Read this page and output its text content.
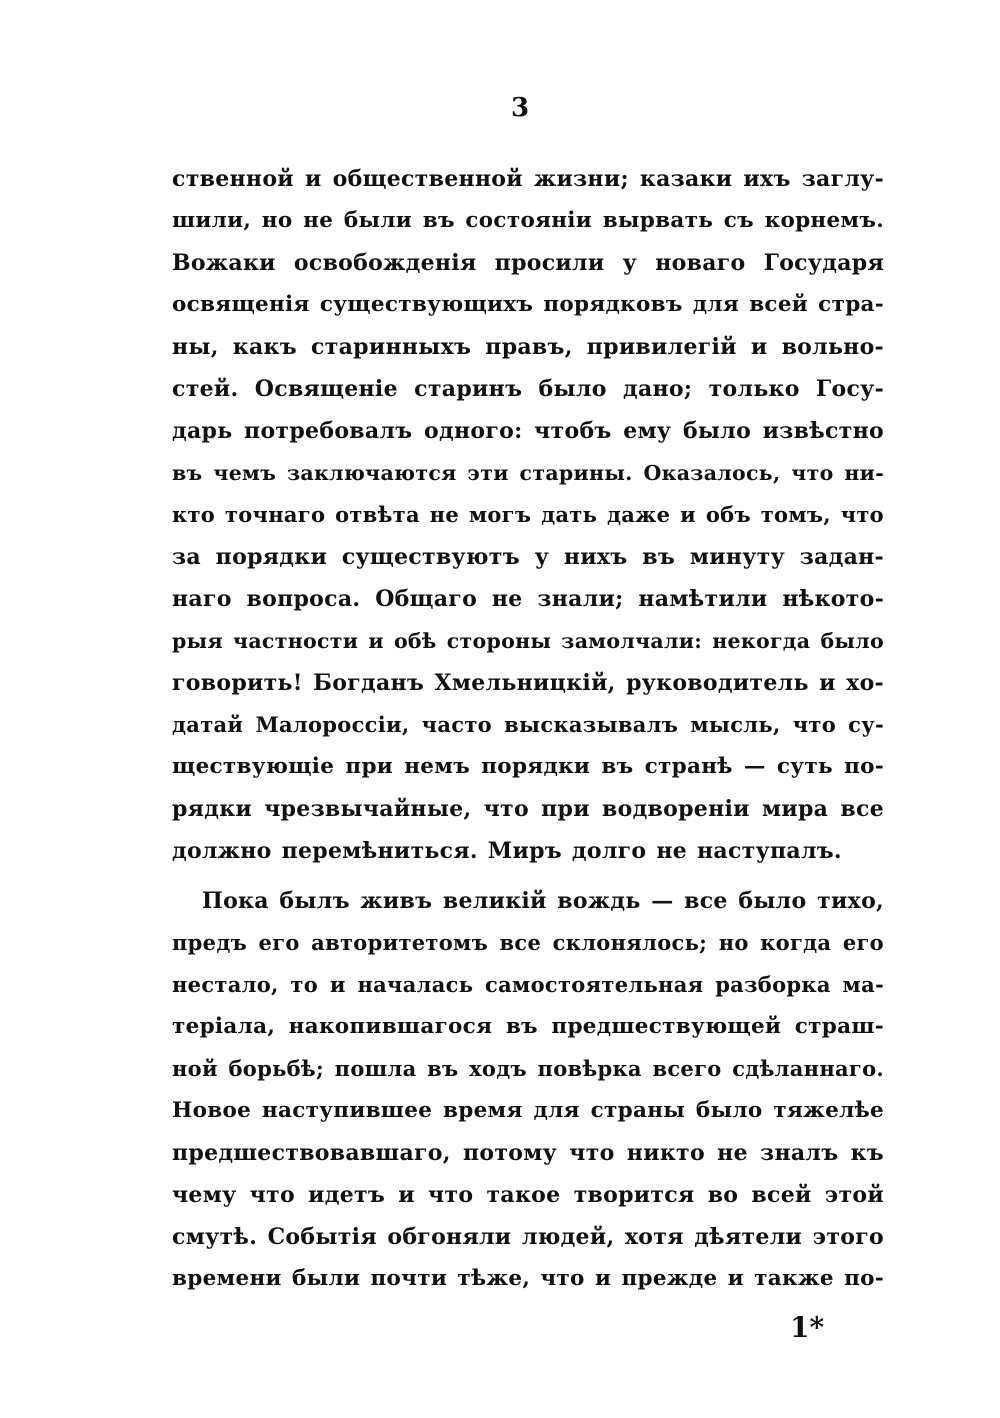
3
ственной и общественной жизни; казаки ихъ заглу-
шили, но не были въ состояніи вырвать съ корнемъ.
Вожаки освобожденія просили у новаго Государя
освященія существующихъ порядковъ для всей стра-
ны, какъ старинныхъ правъ, привилегій и вольно-
стей. Освященіе старинъ было дано; только Госу-
дарь потребовалъ одного: чтобъ ему было извѣстно
въ чемъ заключаются эти старины. Оказалось, что ни-
кто точнаго отвѣта не могъ дать даже и объ томъ, что
за порядки существуютъ у нихъ въ минуту задан-
наго вопроса. Общаго не знали; намѣтили нѣкото-
рыя частности и обѣ стороны замолчали: некогда было
говорить! Богданъ Хмельницкій, руководитель и хо-
датай Малороссіи, часто высказывалъ мысль, что су-
ществующіе при немъ порядки въ странѣ — суть по-
рядки чрезвычайные, что при водвореніи мира все
должно перемѣниться. Миръ долго не наступалъ.
Пока былъ живъ великій вождь — все было тихо,
предъ его авторитетомъ все склонялось; но когда его
нестало, то и началась самостоятельная разборка ма-
теріала, накопившагося въ предшествующей страш-
ной борьбѣ; пошла въ ходъ повѣрка всего сдѣланнаго.
Новое наступившее время для страны было тяжелѣе
предшествовавшаго, потому что никто не зналъ къ
чему что идетъ и что такое творится во всей этой
смутѣ. Событія обгоняли людей, хотя дѣятели этого
времени были почти тѣже, что и прежде и также по-
1*
